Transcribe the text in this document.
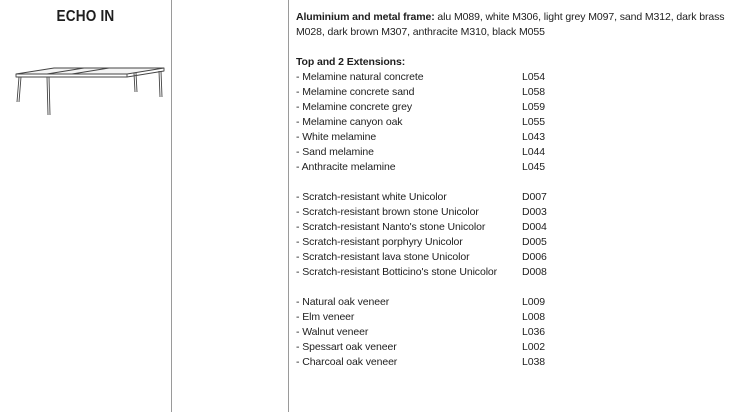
ECHO IN	Aluminium and metal frame: alu M089, white M306, light grey M097, sand M312, dark brass M028, dark brown M307, anthracite M310, black M055

Top and 2 Extensions:
- Melamine natural concrete	L054
- Melamine concrete sand	L058
- Melamine concrete grey	L059
- Melamine canyon oak	L055
- White melamine	L043
- Sand melamine	L044
- Anthracite melamine	L045
- Scratch-resistant white Unicolor	D007
- Scratch-resistant brown stone Unicolor	D003
- Scratch-resistant Nanto's stone Unicolor	D004
- Scratch-resistant porphyry Unicolor	D005
- Scratch-resistant lava stone Unicolor	D006
- Scratch-resistant Botticino's stone Unicolor	D008
- Natural oak veneer	L009
- Elm veneer	L008
- Walnut veneer	L036
- Spessart oak veneer	L002
- Charcoal oak veneer	L038
